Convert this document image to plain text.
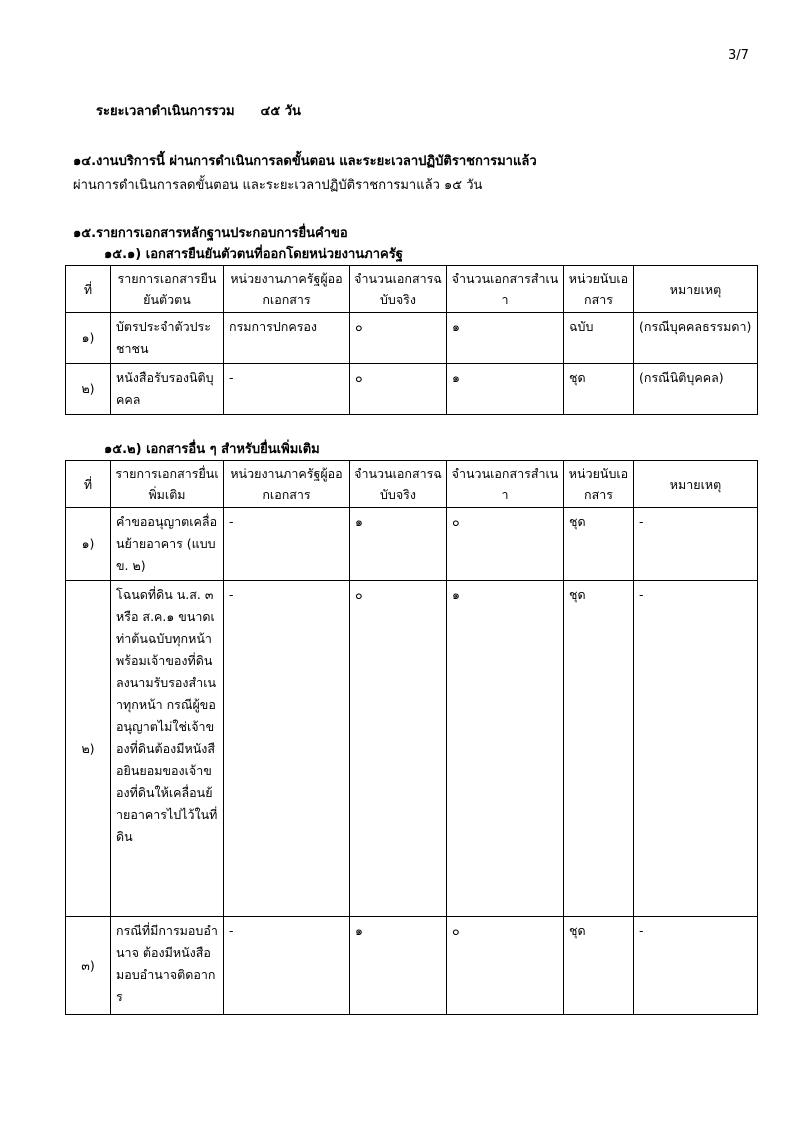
3/7
ระยะเวลาดำเนินการรวม ๔๕ วัน
๑๔.งานบริการนี้ ผ่านการดำเนินการลดขั้นตอน และระยะเวลาปฏิบัติราชการมาแล้ว
ผ่านการดำเนินการลดขั้นตอน และระยะเวลาปฏิบัติราชการมาแล้ว ๑๕ วัน
๑๕.รายการเอกสารหลักฐานประกอบการยื่นคำขอ
๑๕.๑) เอกสารยืนยันตัวตนที่ออกโดยหน่วยงานภาครัฐ
ที่	รายการเอกสารยืนยันตัวตน	หน่วยงานภาครัฐผู้ออกเอกสาร	จำนวนเอกสารฉบับจริง	จำนวนเอกสารสำเนา	หน่วยนับเอกสาร	หมายเหตุ
๑)	บัตรประจำตัวประชาชน	กรมการปกครอง	๐	๑	ฉบับ	(กรณีบุคคลธรรมดา)
๒)	หนังสือรับรองนิติบุคคล	-	๐	๑	ชุด	(กรณีนิติบุคคล)
๑๕.๒) เอกสารอื่น ๆ สำหรับยื่นเพิ่มเติม
ที่	รายการเอกสารยื่นเพิ่มเติม	หน่วยงานภาครัฐผู้ออกเอกสาร	จำนวนเอกสารฉบับจริง	จำนวนเอกสารสำเนา	หน่วยนับเอกสาร	หมายเหตุ
๑)	คำขออนุญาตเคลื่อนย้ายอาคาร (แบบ ข. ๒)	-	๑	๐	ชุด	-
๒)	โฉนดที่ดิน น.ส. ๓ หรือ ส.ค.๑ ขนาดเท่าต้นฉบับทุกหน้า พร้อมเจ้าของที่ดินลงนามรับรองสำเนาทุกหน้า กรณีผู้ขออนุญาตไม่ใช่เจ้าของที่ดินต้องมีหนังสือยินยอมของเจ้าของที่ดินให้เคลื่อนย้ายอาคารไปไว้ในที่ดิน	-	๐	๑	ชุด	-
๓)	กรณีที่มีการมอบอำนาจ ต้องมีหนังสือมอบอำนาจติดอากร	-	๑	๐	ชุด	-
